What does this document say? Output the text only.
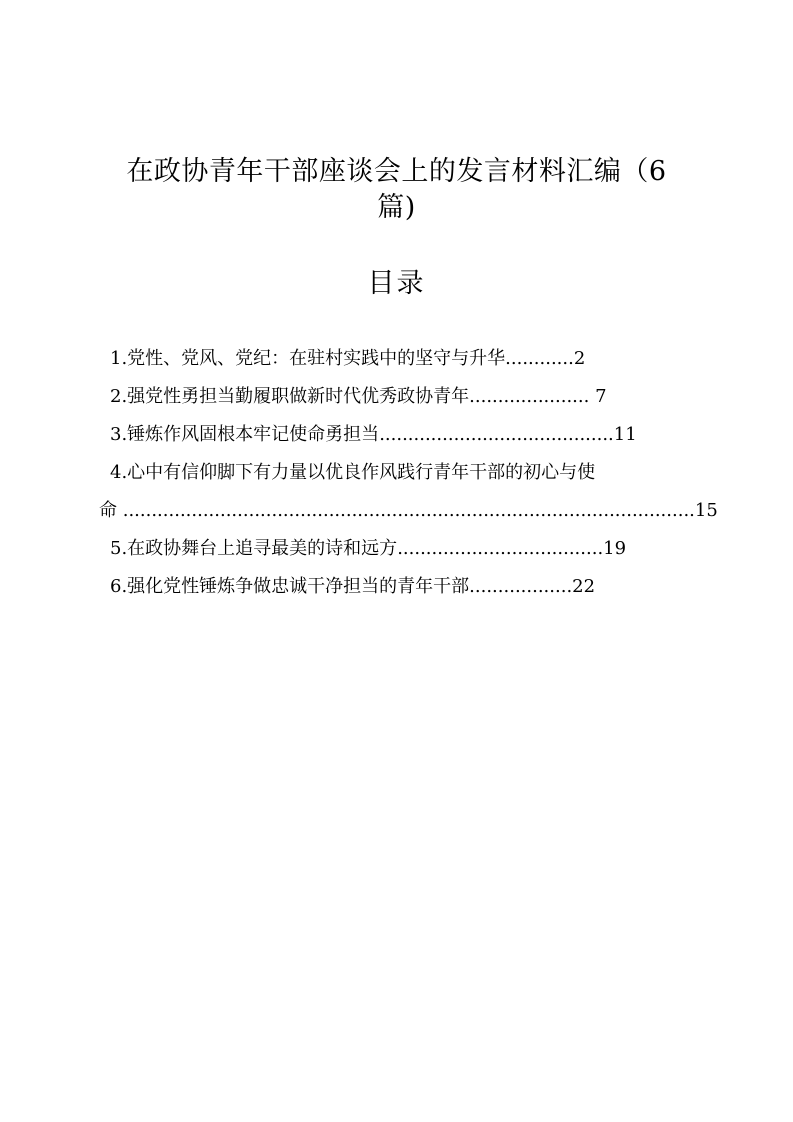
在政协青年干部座谈会上的发言材料汇编（6
篇)
目录
1.党性、党风、党纪：在驻村实践中的坚守与升华............2
2.强党性勇担当勤履职做新时代优秀政协青年..................... 7
3.锤炼作风固根本牢记使命勇担当.........................................11
4.心中有信仰脚下有力量以优良作风践行青年干部的初心与使
命 ....................................................................................................15
5.在政协舞台上追寻最美的诗和远方....................................19
6.强化党性锤炼争做忠诚干净担当的青年干部..................22
